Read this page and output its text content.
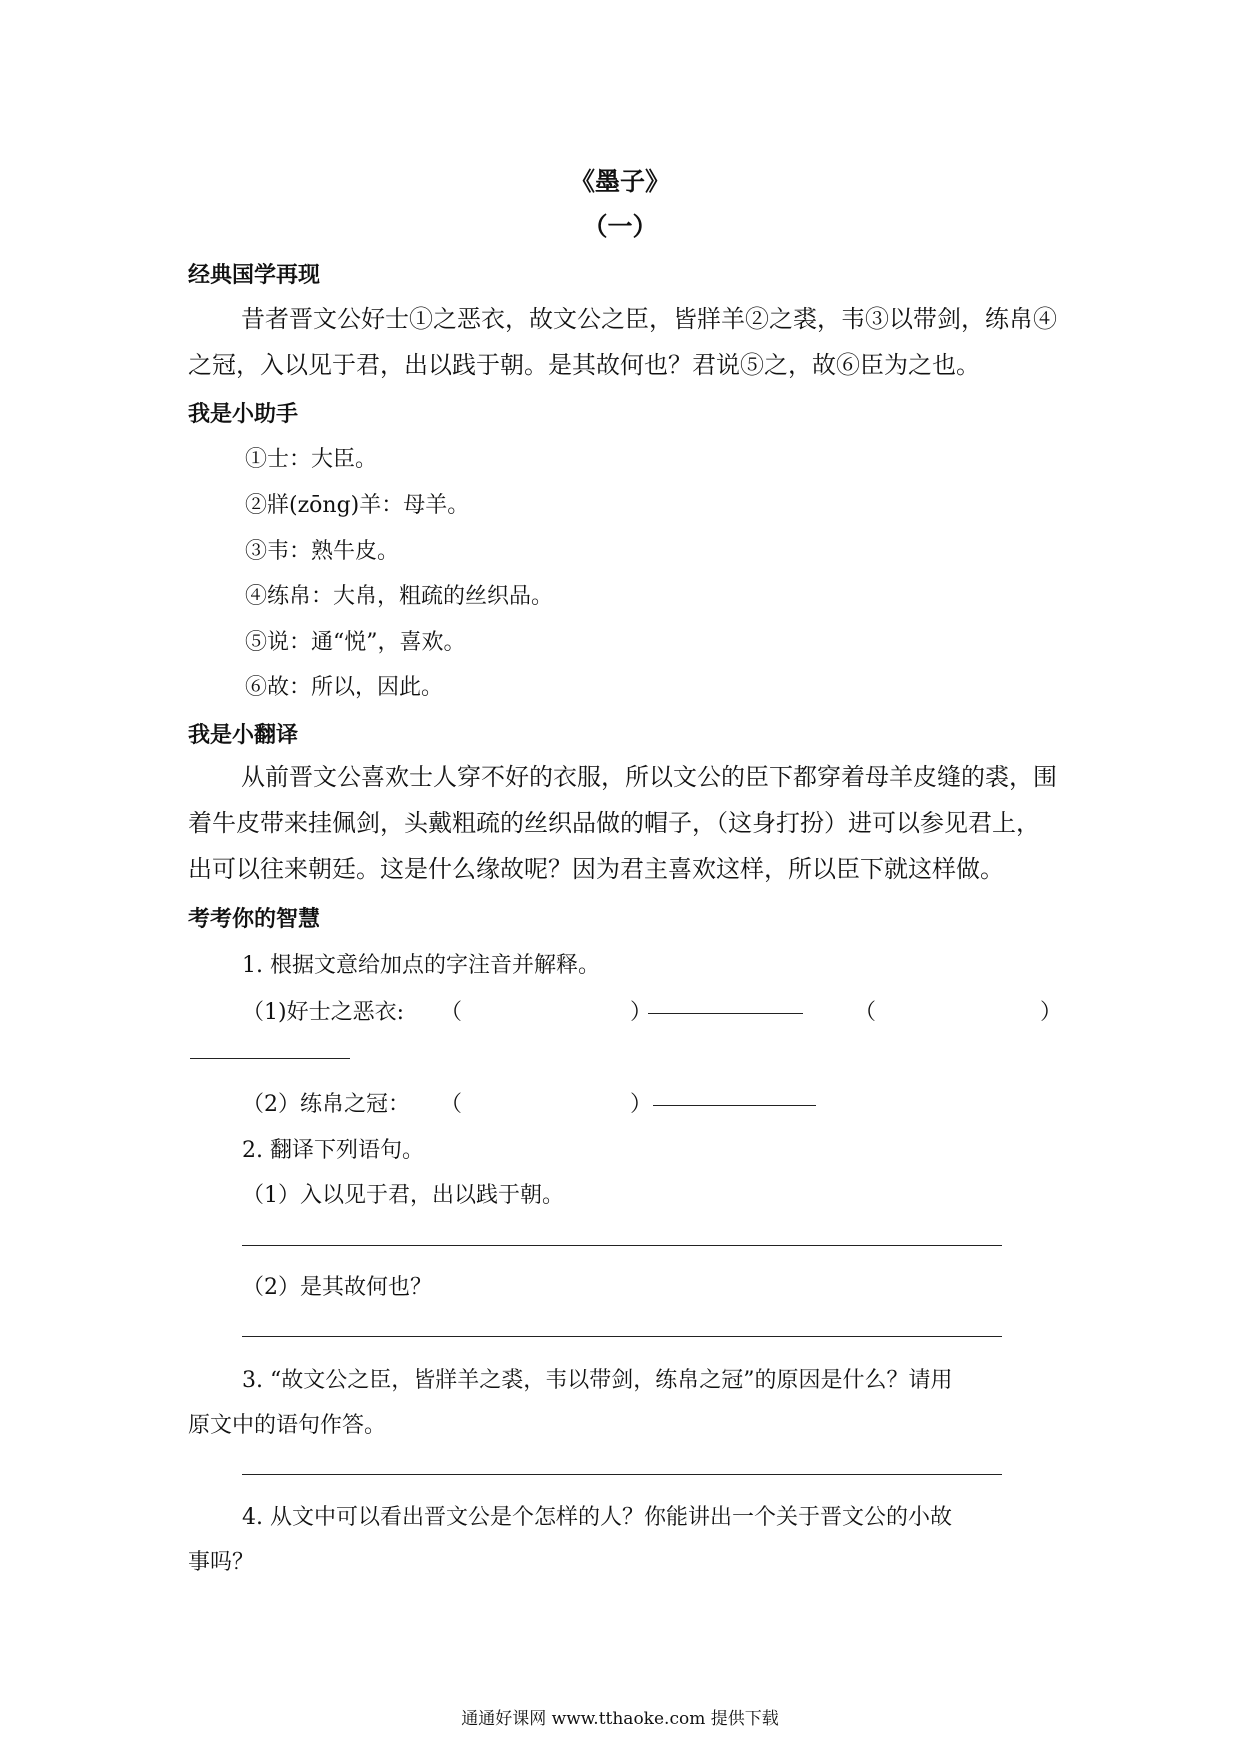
《墨子》
（一）
经典国学再现

昔者晋文公好士①之恶衣，故文公之臣，皆牂羊②之裘，韦③以带剑，练帛④之冠，入以见于君，出以践于朝。是其故何也？君说⑤之，故⑥臣为之也。

我是小助手
①士：大臣。
②牂(zōng)羊：母羊。
③韦：熟牛皮。
④练帛：大帛，粗疏的丝织品。
⑤说：通“悦”，喜欢。
⑥故：所以，因此。
我是小翻译

从前晋文公喜欢士人穿不好的衣服，所以文公的臣下都穿着母羊皮缝的裘，围着牛皮带来挂佩剑，头戴粗疏的丝织品做的帽子，（这身打扮）进可以参见君上，出可以往来朝廷。这是什么缘故呢？因为君主喜欢这样，所以臣下就这样做。

考考你的智慧
1. 根据文意给加点的字注音并解释。
（1)好士之恶衣: （	）	（	）
（2）练帛之冠： （	）
2. 翻译下列语句。
（1）入以见于君，出以践于朝。
（2）是其故何也？
3. “故文公之臣，皆牂羊之裘，韦以带剑，练帛之冠”的原因是什么？请用
原文中的语句作答。
4. 从文中可以看出晋文公是个怎样的人？你能讲出一个关于晋文公的小故
事吗？
通通好课网 www.tthaoke.com 提供下载
